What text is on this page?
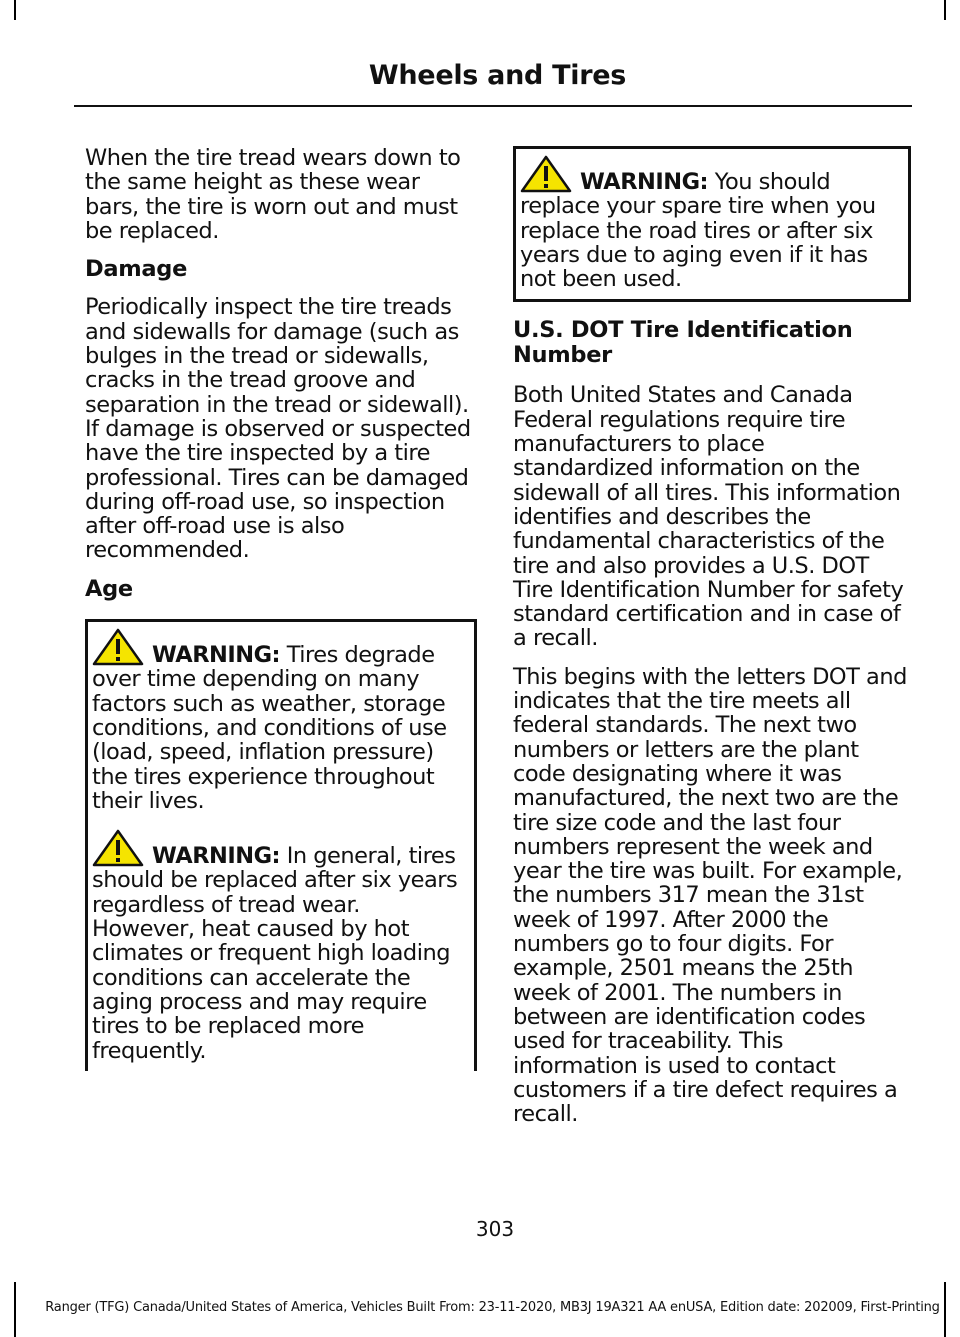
Wheels and Tires

When the tire tread wears down to the same height as these wear bars, the tire is worn out and must be replaced.

Damage

Periodically inspect the tire treads and sidewalls for damage (such as bulges in the tread or sidewalls, cracks in the tread groove and separation in the tread or sidewall). If damage is observed or suspected have the tire inspected by a tire professional. Tires can be damaged during off-road use, so inspection after off-road use is also recommended.

Age

WARNING: Tires degrade over time depending on many factors such as weather, storage conditions, and conditions of use (load, speed, inflation pressure) the tires experience throughout their lives.

WARNING: In general, tires should be replaced after six years regardless of tread wear. However, heat caused by hot climates or frequent high loading conditions can accelerate the aging process and may require tires to be replaced more frequently.

WARNING: You should replace your spare tire when you replace the road tires or after six years due to aging even if it has not been used.

U.S. DOT Tire Identification Number

Both United States and Canada Federal regulations require tire manufacturers to place standardized information on the sidewall of all tires. This information identifies and describes the fundamental characteristics of the tire and also provides a U.S. DOT Tire Identification Number for safety standard certification and in case of a recall.

This begins with the letters DOT and indicates that the tire meets all federal standards. The next two numbers or letters are the plant code designating where it was manufactured, the next two are the tire size code and the last four numbers represent the week and year the tire was built. For example, the numbers 317 mean the 31st week of 1997. After 2000 the numbers go to four digits. For example, 2501 means the 25th week of 2001. The numbers in between are identification codes used for traceability. This information is used to contact customers if a tire defect requires a recall.

303
Ranger (TFG) Canada/United States of America, Vehicles Built From: 23-11-2020, MB3J 19A321 AA enUSA, Edition date: 202009, First-Printing
